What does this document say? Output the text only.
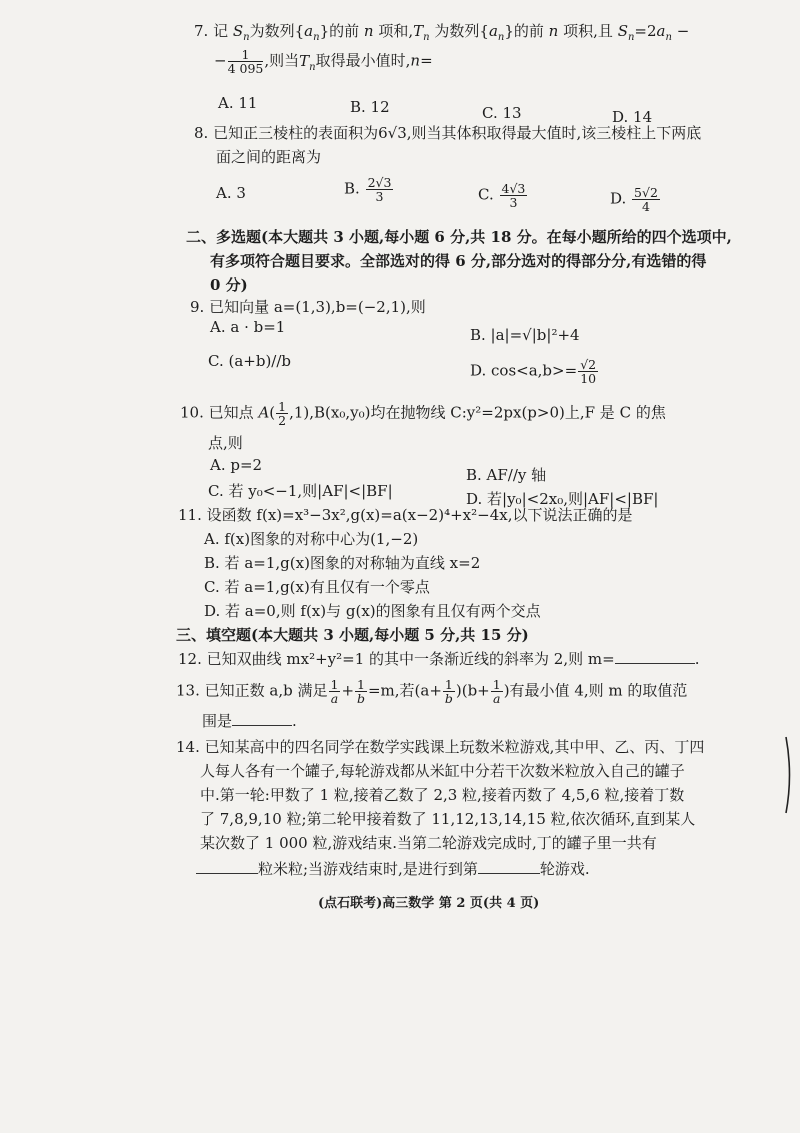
7. 记 $S_n$为数列$\{a_n\}$的前 n 项和$,T_n$ 为数列$\{a_n\}$的前 n 项积,且 $S_n=2a_n$ −
− $\frac{1}{4 095}$ ,则当$T_n$取得最小值时,n=
A. 11	B. 12	C. 13	D. 14
8. 已知正三棱柱的表面积为6√3,则当其体积取得最大值时,该三棱柱上下两底
面之间的距离为
A. 3	B. $\frac{2√3}{3}$	C. $\frac{4√3}{3}$	D. $\frac{5√2}{4}$
二、多选题(本大题共 3 小题,每小题 6 分,共 18 分。在每小题所给的四个选项中,
有多项符合题目要求。全部选对的得 6 分,部分选对的得部分分,有选错的得
0 分)
9. 已知向量 a=(1,3),b=(−2,1),则
A. a · b=1	B. |a|=√|b|²+4
C. (a+b)//b
D. $\cos<a,b>= \frac{√2}{10}$
10. 已知点 $A( \frac{1}{2} ,1),B(x_0,y_0)$均在抛物线 C:y²=2px(p>0)上,F 是 C 的焦
点,则
A. p=2
B. AF//y 轴
C. 若 y₀<−1,则|AF|<|BF|	D. 若|y₀|<2x₀,则|AF|<|BF|
11. 设函数 f(x)=x³−3x²,g(x)=a(x−2)⁴+x²−4x,以下说法正确的是
A. f(x)图象的对称中心为(1,−2)
B. 若 a=1,g(x)图象的对称轴为直线 x=2
C. 若 a=1,g(x)有且仅有一个零点
D. 若 a=0,则 f(x)与 g(x)的图象有且仅有两个交点
三、填空题(本大题共 3 小题,每小题 5 分,共 15 分)
12. 已知双曲线 mx²+y²=1 的其中一条渐近线的斜率为 2,则 m=	.
13. 已知正数 a,b 满足 $\frac{1}{a} + \frac{1}{b} =m$,若$(a+ \frac{1}{b} )(b+ \frac{1}{a}$ )有最小值 4,则 m 的取值范
围是	.
14. 已知某高中的四名同学在数学实践课上玩数米粒游戏,其中甲、乙、丙、丁四
人每人各有一个罐子,每轮游戏都从米缸中分若干次数米粒放入自己的罐子
中.第一轮:甲数了 1 粒,接着乙数了 2,3 粒,接着丙数了 4,5,6 粒,接着丁数
了 7,8,9,10 粒;第二轮甲接着数了 11,12,13,14,15 粒,依次循环,直到某人
某次数了 1 000 粒,游戏结束.当第二轮游戏完成时,丁的罐子里一共有
粒米粒;当游戏结束时,是进行到第	轮游戏.
(点石联考)高三数学 第 2 页(共 4 页)
